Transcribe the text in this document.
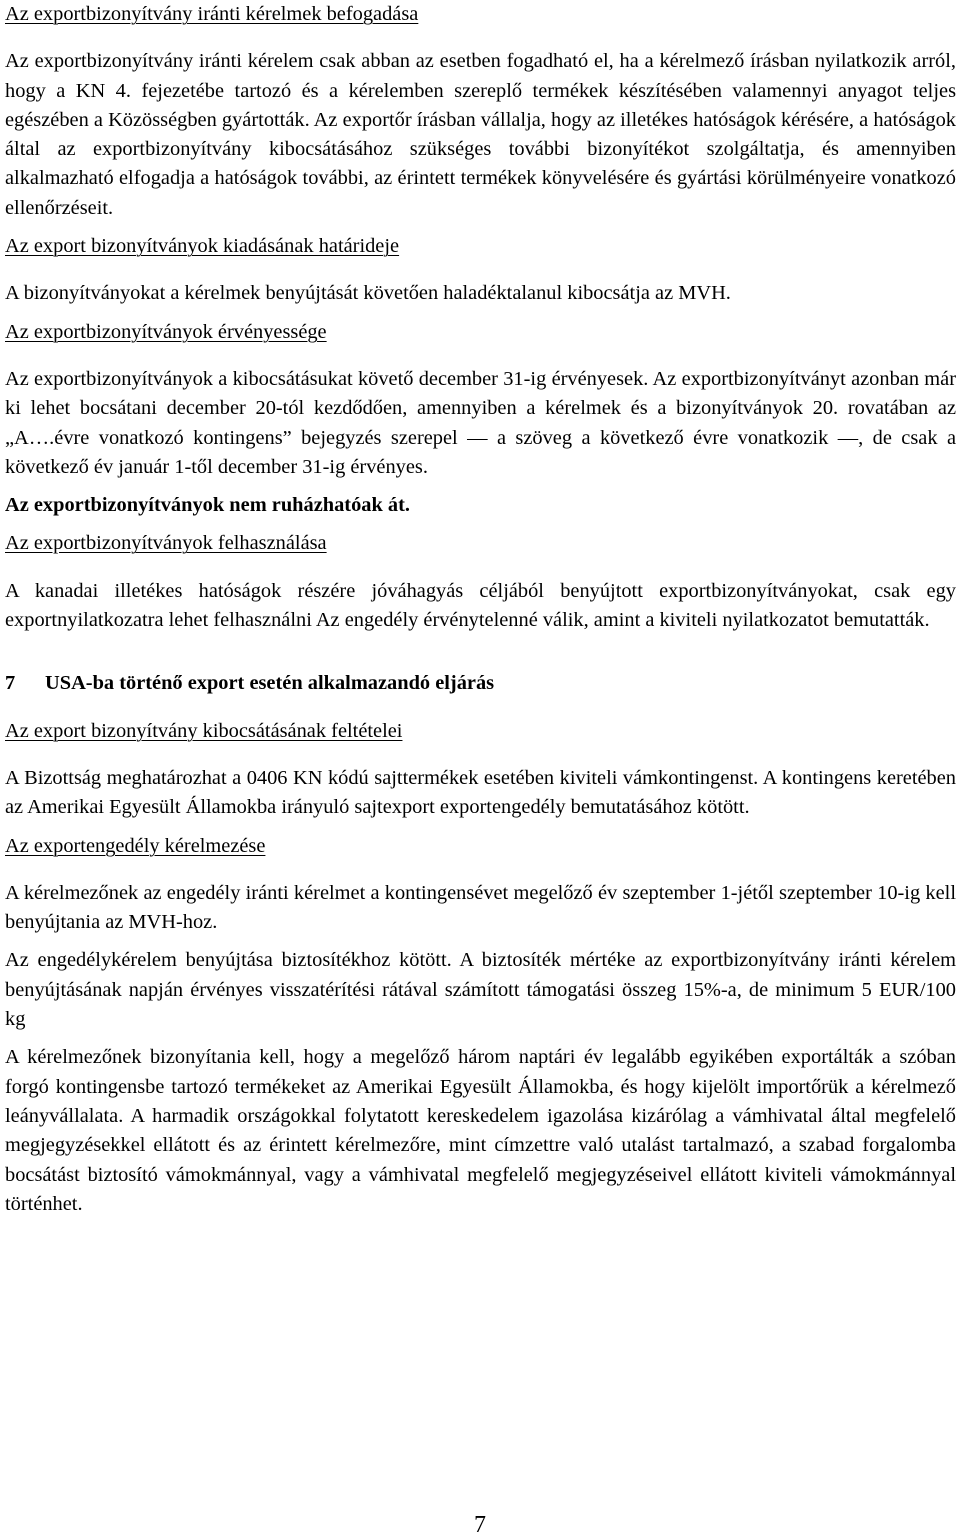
Az exportbizonyítvány iránti kérelmek befogadása

Az exportbizonyítvány iránti kérelem csak abban az esetben fogadható el, ha a kérelmező írásban nyilatkozik arról, hogy a KN 4. fejezetébe tartozó és a kérelemben szereplő termékek készítésében valamennyi anyagot teljes egészében a Közösségben gyártották. Az exportőr írásban vállalja, hogy az illetékes hatóságok kérésére, a hatóságok által az exportbizonyítvány kibocsátásához szükséges további bizonyítékot szolgáltatja, és amennyiben alkalmazható elfogadja a hatóságok további, az érintett termékek könyvelésére és gyártási körülményeire vonatkozó ellenőrzéseit.

Az export bizonyítványok kiadásának határideje

A bizonyítványokat a kérelmek benyújtását követően haladéktalanul kibocsátja az MVH.

Az exportbizonyítványok érvényessége

Az exportbizonyítványok a kibocsátásukat követő december 31-ig érvényesek. Az exportbizonyítványt azonban már ki lehet bocsátani december 20-tól kezdődően, amennyiben a kérelmek és a bizonyítványok 20. rovatában az „A….évre vonatkozó kontingens” bejegyzés szerepel — a szöveg a következő évre vonatkozik —, de csak a következő év január 1-től december 31-ig érvényes.

Az exportbizonyítványok nem ruházhatóak át.

Az exportbizonyítványok felhasználása

A kanadai illetékes hatóságok részére jóváhagyás céljából benyújtott exportbizonyítványokat, csak egy exportnyilatkozatra lehet felhasználni Az engedély érvénytelenné válik, amint a kiviteli nyilatkozatot bemutatták.

7 USA-ba történő export esetén alkalmazandó eljárás

Az export bizonyítvány kibocsátásának feltételei

A Bizottság meghatározhat a 0406 KN kódú sajttermékek esetében kiviteli vámkontingenst. A kontingens keretében az Amerikai Egyesült Államokba irányuló sajtexport exportengedély bemutatásához kötött.

Az exportengedély kérelmezése

A kérelmezőnek az engedély iránti kérelmet a kontingensévet megelőző év szeptember 1-jétől szeptember 10-ig kell benyújtania az MVH-hoz.

Az engedélykérelem benyújtása biztosítékhoz kötött. A biztosíték mértéke az exportbizonyítvány iránti kérelem benyújtásának napján érvényes visszatérítési rátával számított támogatási összeg 15%-a, de minimum 5 EUR/100 kg

A kérelmezőnek bizonyítania kell, hogy a megelőző három naptári év legalább egyikében exportálták a szóban forgó kontingensbe tartozó termékeket az Amerikai Egyesült Államokba, és hogy kijelölt importőrük a kérelmező leányvállalata. A harmadik országokkal folytatott kereskedelem igazolása kizárólag a vámhivatal által megfelelő megjegyzésekkel ellátott és az érintett kérelmezőre, mint címzettre való utalást tartalmazó, a szabad forgalomba bocsátást biztosító vámokmánnyal, vagy a vámhivatal megfelelő megjegyzéseivel ellátott kiviteli vámokmánnyal történhet.

7
